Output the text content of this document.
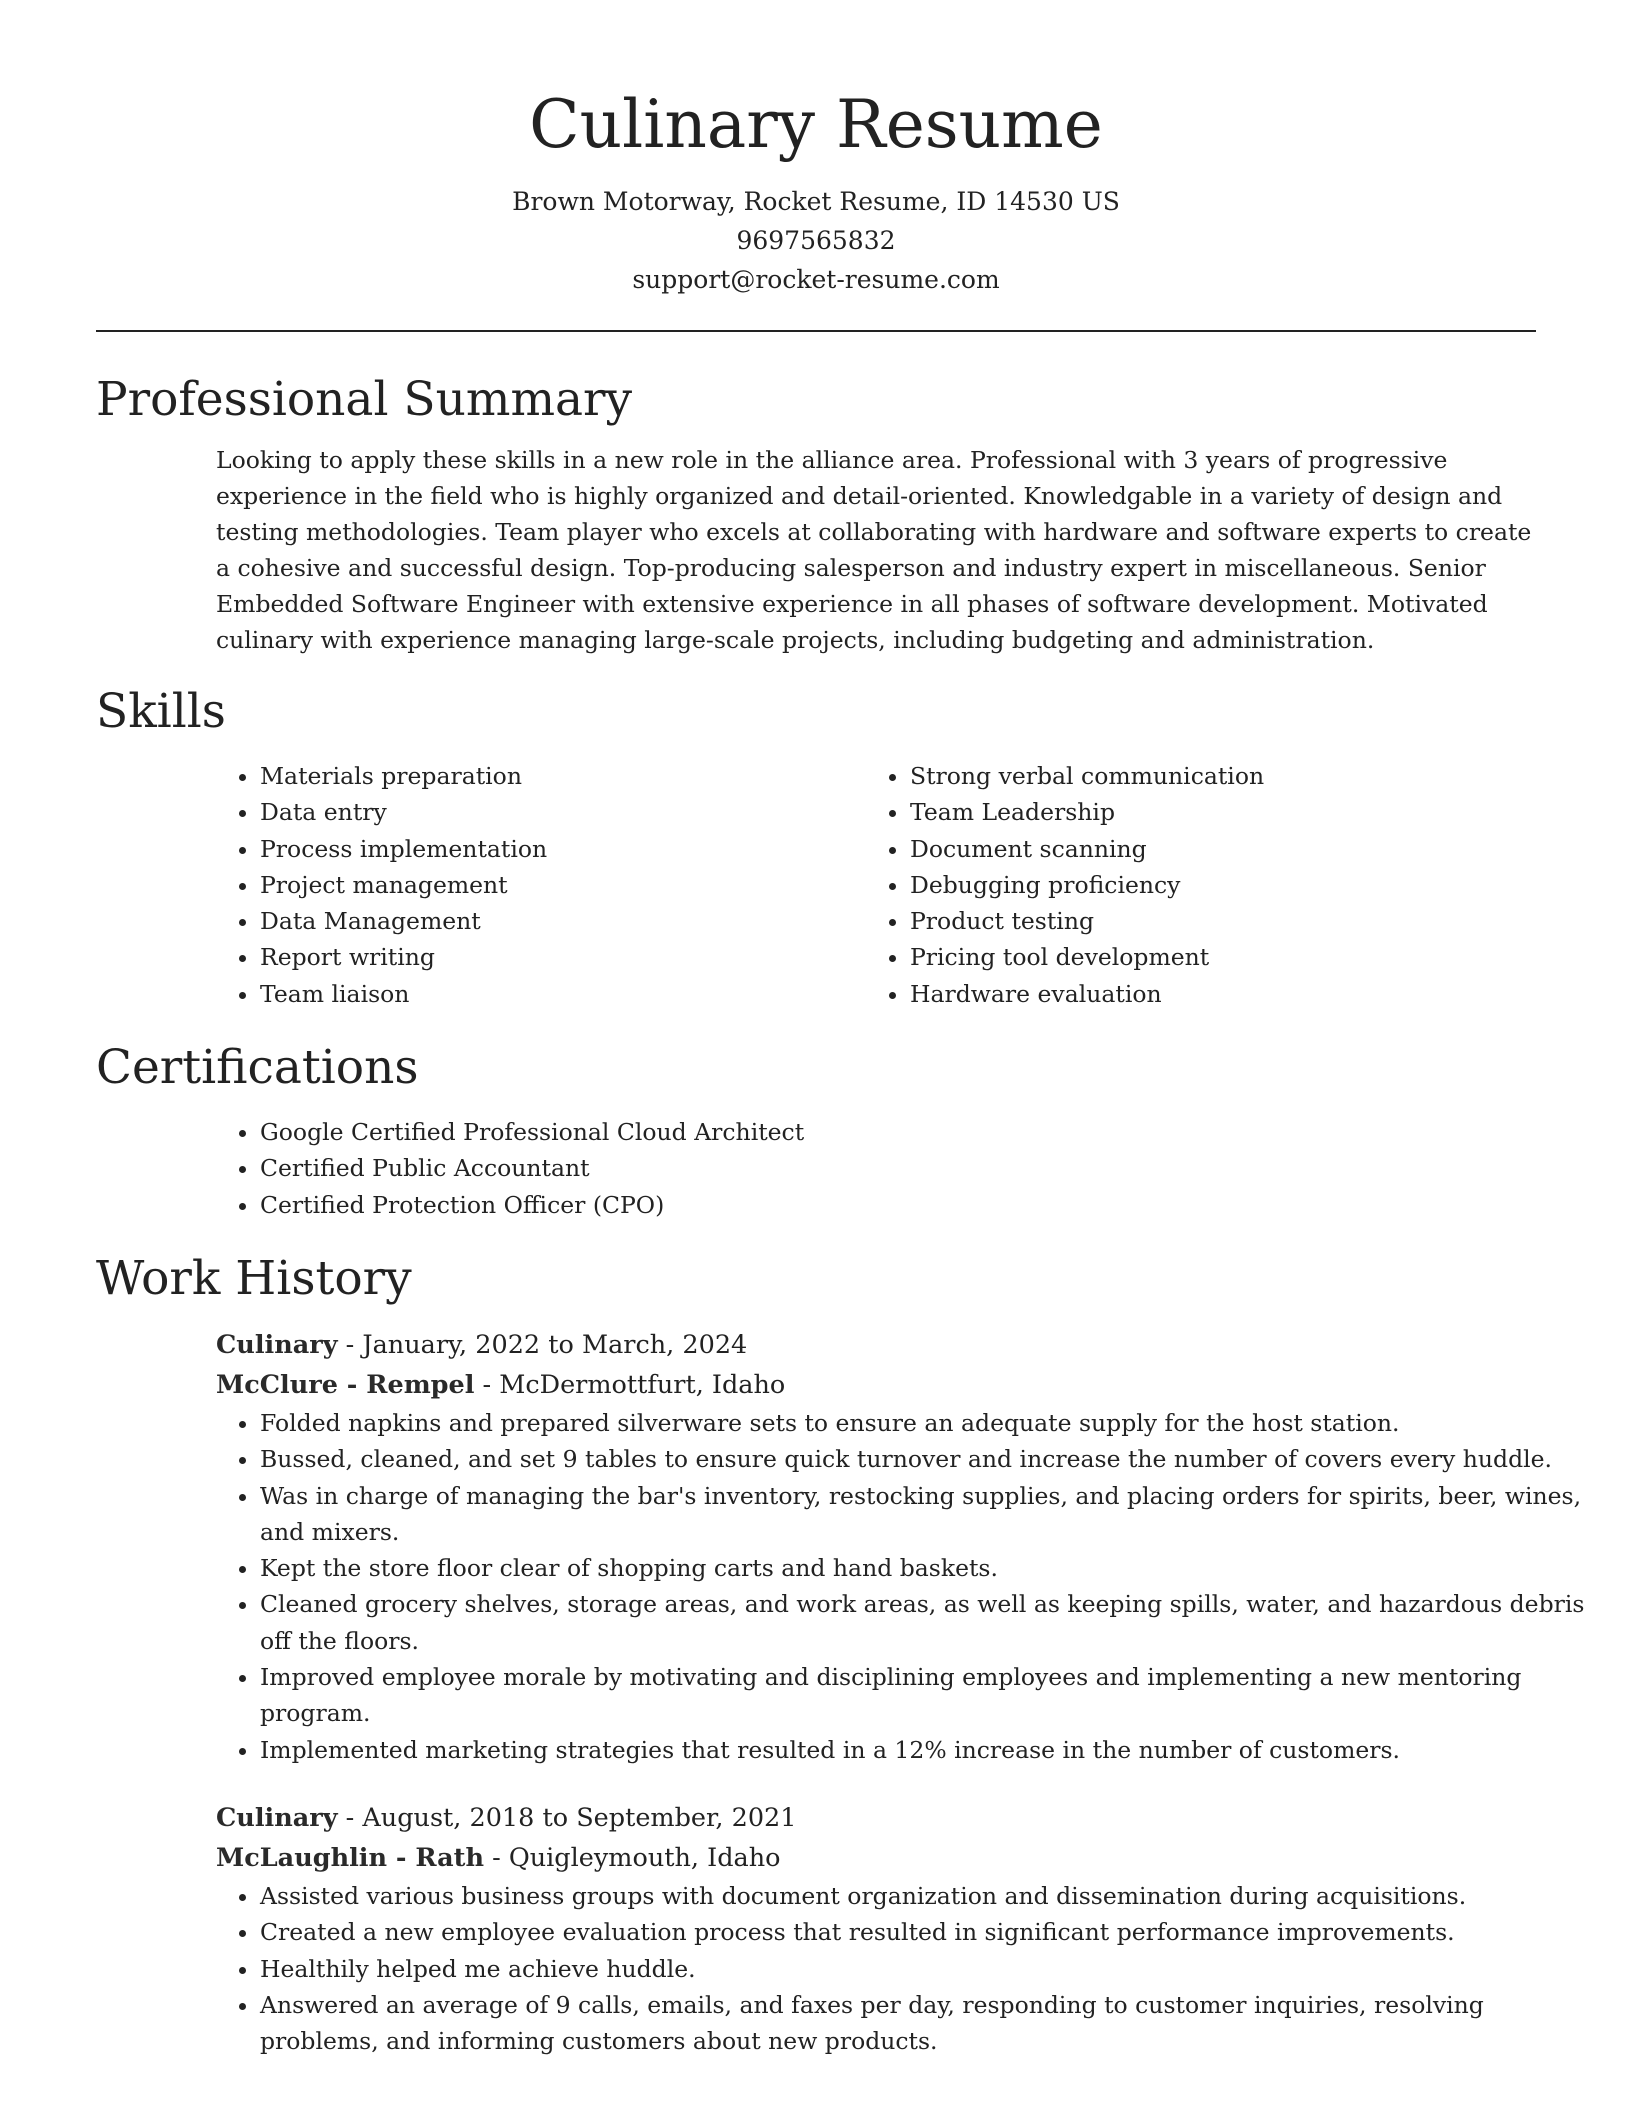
Culinary Resume
Brown Motorway, Rocket Resume, ID 14530 US
9697565832
support@rocket-resume.com
Professional Summary

Looking to apply these skills in a new role in the alliance area. Professional with 3 years of progressive experience in the field who is highly organized and detail-oriented. Knowledgable in a variety of design and testing methodologies. Team player who excels at collaborating with hardware and software experts to create a cohesive and successful design. Top-producing salesperson and industry expert in miscellaneous. Senior Embedded Software Engineer with extensive experience in all phases of software development. Motivated culinary with experience managing large-scale projects, including budgeting and administration.

Skills
• Materials preparation
• Data entry
• Process implementation
• Project management
• Data Management
• Report writing
• Team liaison
• Strong verbal communication
• Team Leadership
• Document scanning
• Debugging proficiency
• Product testing
• Pricing tool development
• Hardware evaluation
Certifications
• Google Certified Professional Cloud Architect
• Certified Public Accountant
• Certified Protection Officer (CPO)
Work History
Culinary - January, 2022 to March, 2024
McClure - Rempel - McDermottfurt, Idaho
• Folded napkins and prepared silverware sets to ensure an adequate supply for the host station.
• Bussed, cleaned, and set 9 tables to ensure quick turnover and increase the number of covers every huddle.
• Was in charge of managing the bar's inventory, restocking supplies, and placing orders for spirits, beer, wines, and mixers.
• Kept the store floor clear of shopping carts and hand baskets.
• Cleaned grocery shelves, storage areas, and work areas, as well as keeping spills, water, and hazardous debris off the floors.
• Improved employee morale by motivating and disciplining employees and implementing a new mentoring program.
• Implemented marketing strategies that resulted in a 12% increase in the number of customers.
Culinary - August, 2018 to September, 2021
McLaughlin - Rath - Quigleymouth, Idaho
• Assisted various business groups with document organization and dissemination during acquisitions.
• Created a new employee evaluation process that resulted in significant performance improvements.
• Healthily helped me achieve huddle.
• Answered an average of 9 calls, emails, and faxes per day, responding to customer inquiries, resolving problems, and informing customers about new products.
